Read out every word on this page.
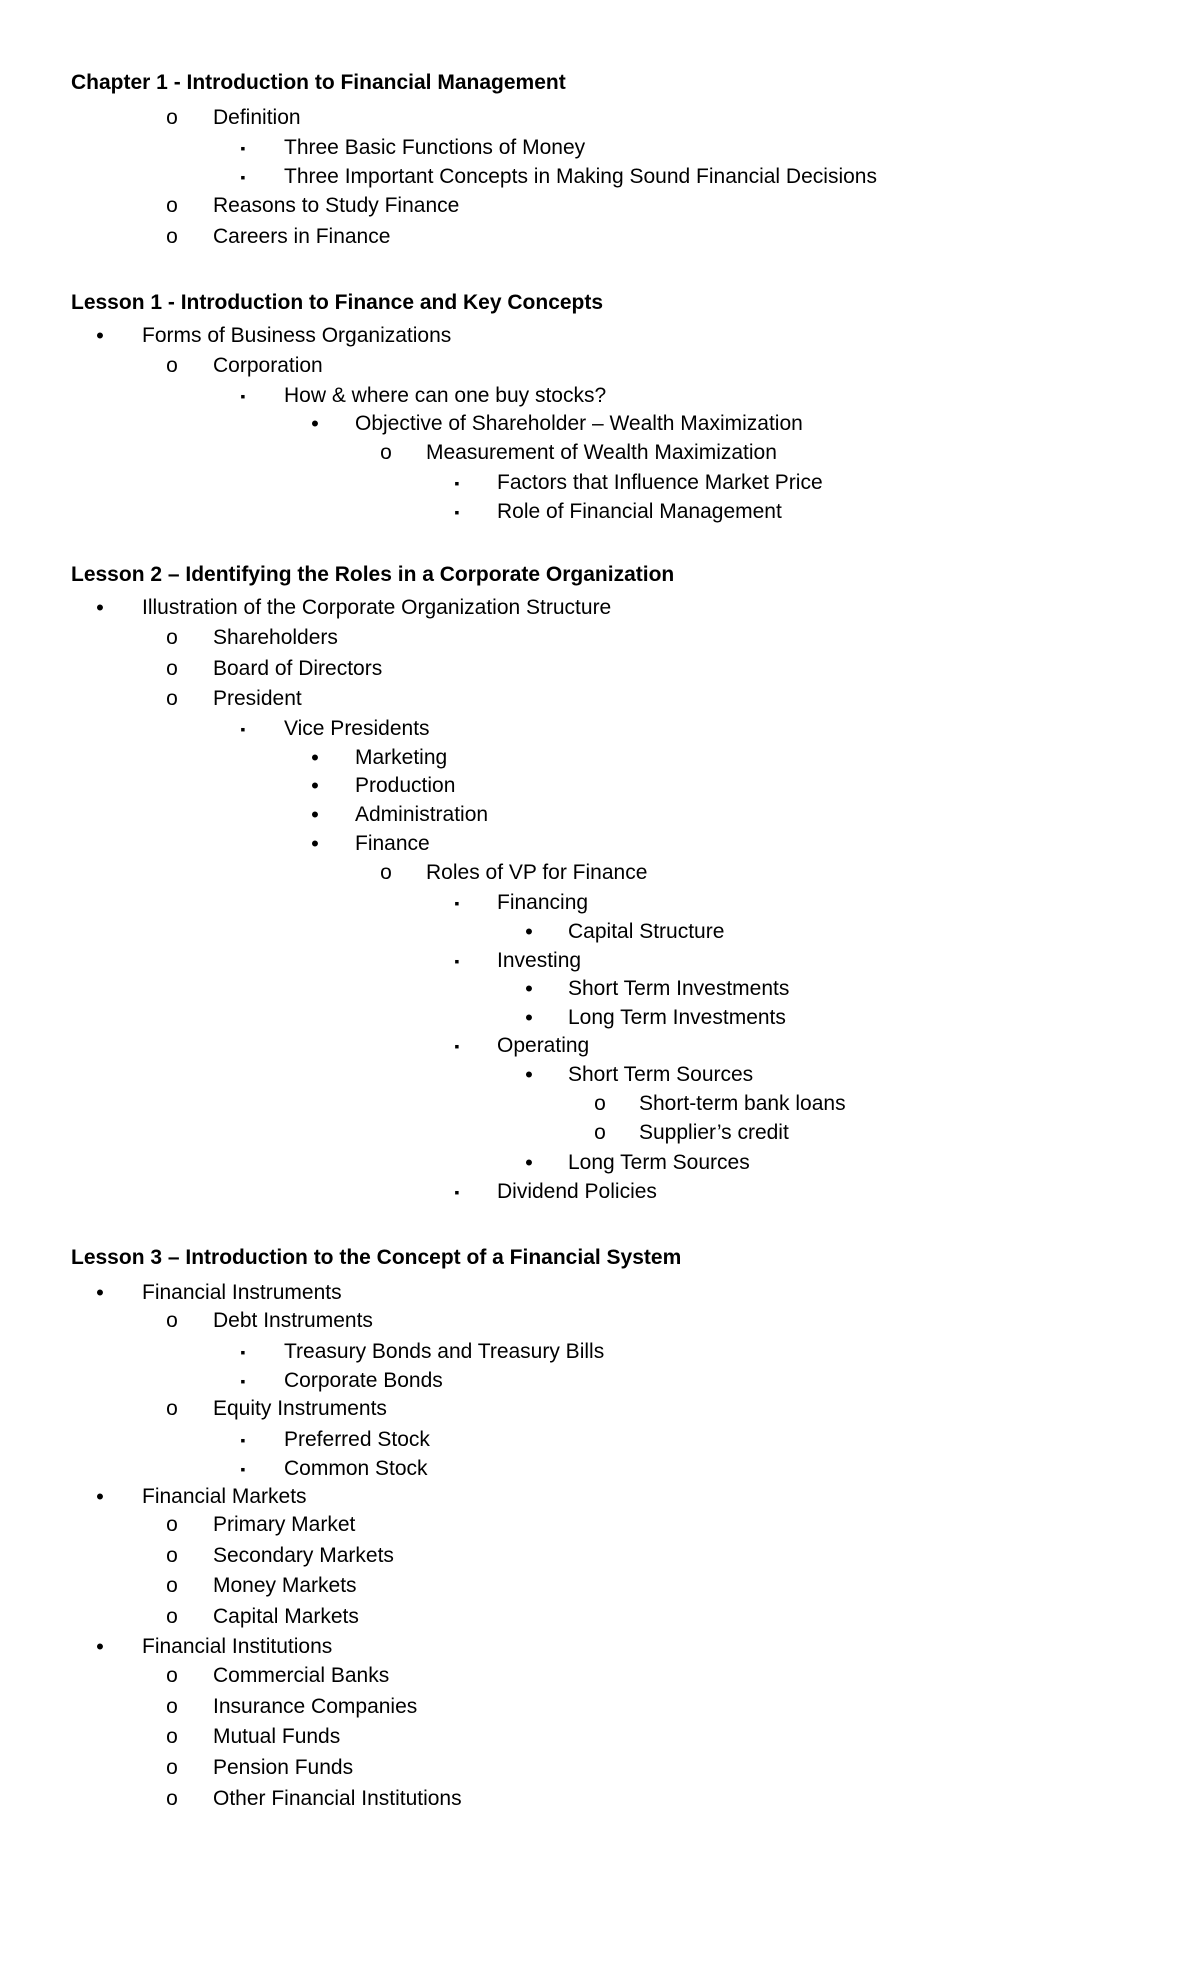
Chapter 1 - Introduction to Financial Management
o Definition
▪	Three Basic Functions of Money
▪	Three Important Concepts in Making Sound Financial Decisions
o Reasons to Study Finance
o Careers in Finance
Lesson 1 - Introduction to Finance and Key Concepts
•	Forms of Business Organizations
o Corporation
▪	How & where can one buy stocks?
•	Objective of Shareholder – Wealth Maximization
o Measurement of Wealth Maximization
▪	Factors that Influence Market Price
▪	Role of Financial Management
Lesson 2 – Identifying the Roles in a Corporate Organization
•	Illustration of the Corporate Organization Structure
o Shareholders
o Board of Directors
o President
▪	Vice Presidents
•	Marketing
•	Production
•	Administration
•	Finance
o Roles of VP for Finance
▪	Financing
•	Capital Structure
▪	Investing
•	Short Term Investments
•	Long Term Investments
▪	Operating
•	Short Term Sources
o Short-term bank loans
o Supplier’s credit
•	Long Term Sources
▪	Dividend Policies
Lesson 3 – Introduction to the Concept of a Financial System
•	Financial Instruments
o Debt Instruments
▪	Treasury Bonds and Treasury Bills
▪	Corporate Bonds
o Equity Instruments
▪	Preferred Stock
▪	Common Stock
•	Financial Markets
o Primary Market
o Secondary Markets
o Money Markets
o Capital Markets
•	Financial Institutions
o Commercial Banks
o Insurance Companies
o Mutual Funds
o Pension Funds
o Other Financial Institutions
